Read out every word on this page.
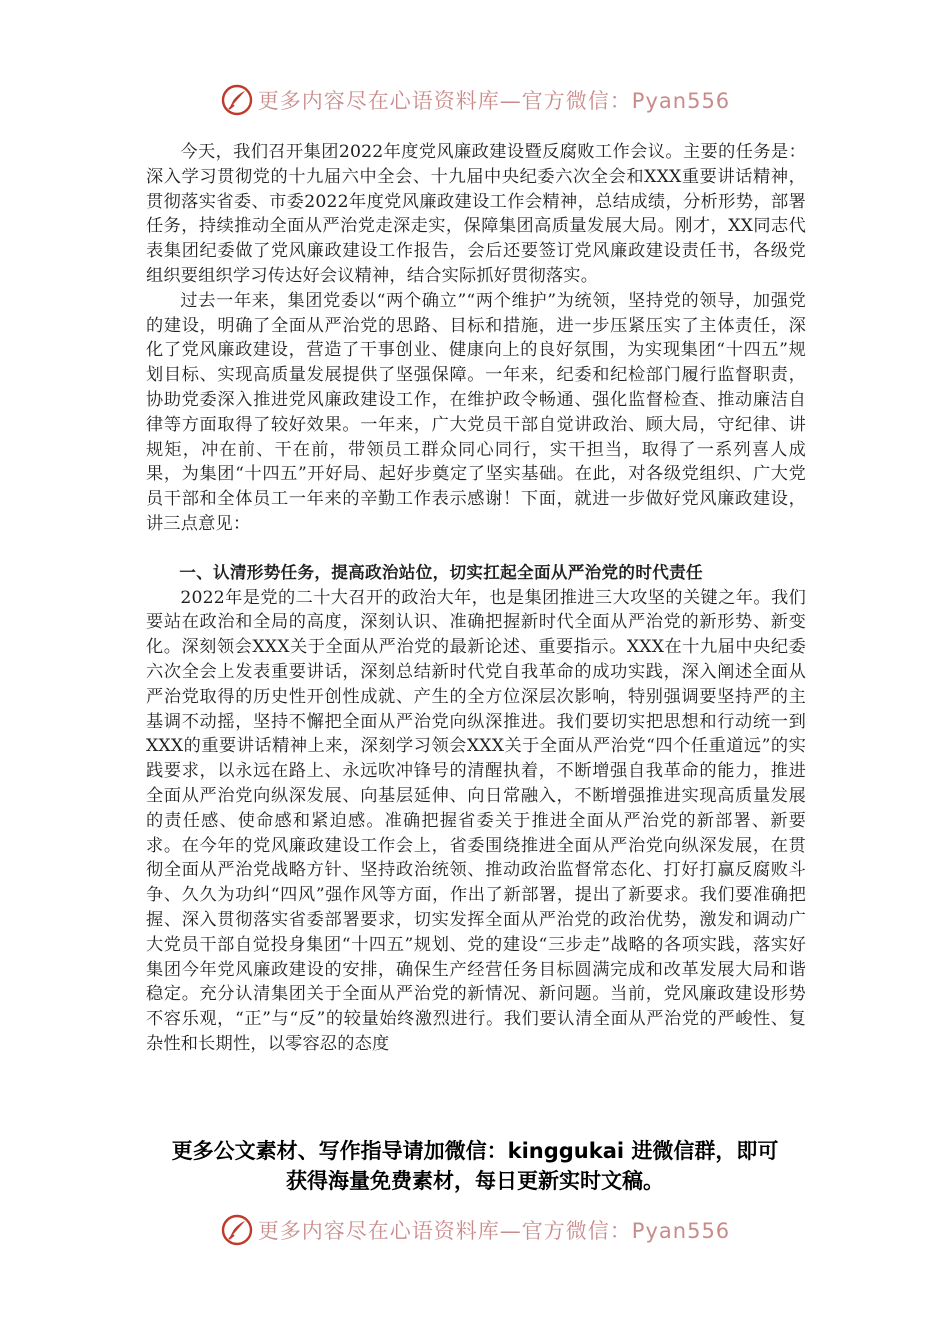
更多内容尽在心语资料库—官方微信：Pyan556

今天，我们召开集团2022年度党风廉政建设暨反腐败工作会议。主要的任务是：深入学习贯彻党的十九届六中全会、十九届中央纪委六次全会和XXX重要讲话精神，贯彻落实省委、市委2022年度党风廉政建设工作会精神，总结成绩，分析形势，部署任务，持续推动全面从严治党走深走实，保障集团高质量发展大局。刚才，XX同志代表集团纪委做了党风廉政建设工作报告，会后还要签订党风廉政建设责任书，各级党组织要组织学习传达好会议精神，结合实际抓好贯彻落实。

过去一年来，集团党委以“两个确立”“两个维护”为统领，坚持党的领导，加强党的建设，明确了全面从严治党的思路、目标和措施，进一步压紧压实了主体责任，深化了党风廉政建设，营造了干事创业、健康向上的良好氛围，为实现集团“十四五”规划目标、实现高质量发展提供了坚强保障。一年来，纪委和纪检部门履行监督职责，协助党委深入推进党风廉政建设工作，在维护政令畅通、强化监督检查、推动廉洁自律等方面取得了较好效果。一年来，广大党员干部自觉讲政治、顾大局，守纪律、讲规矩，冲在前、干在前，带领员工群众同心同行，实干担当，取得了一系列喜人成果，为集团“十四五”开好局、起好步奠定了坚实基础。在此，对各级党组织、广大党员干部和全体员工一年来的辛勤工作表示感谢！下面，就进一步做好党风廉政建设，讲三点意见：

一、认清形势任务，提高政治站位，切实扛起全面从严治党的时代责任

2022年是党的二十大召开的政治大年，也是集团推进三大攻坚的关键之年。我们要站在政治和全局的高度，深刻认识、准确把握新时代全面从严治党的新形势、新变化。深刻领会XXX关于全面从严治党的最新论述、重要指示。XXX在十九届中央纪委六次全会上发表重要讲话，深刻总结新时代党自我革命的成功实践，深入阐述全面从严治党取得的历史性开创性成就、产生的全方位深层次影响，特别强调要坚持严的主基调不动摇，坚持不懈把全面从严治党向纵深推进。我们要切实把思想和行动统一到XXX的重要讲话精神上来，深刻学习领会XXX关于全面从严治党“四个任重道远”的实践要求，以永远在路上、永远吹冲锋号的清醒执着，不断增强自我革命的能力，推进全面从严治党向纵深发展、向基层延伸、向日常融入，不断增强推进实现高质量发展的责任感、使命感和紧迫感。准确把握省委关于推进全面从严治党的新部署、新要求。在今年的党风廉政建设工作会上，省委围绕推进全面从严治党向纵深发展，在贯彻全面从严治党战略方针、坚持政治统领、推动政治监督常态化、打好打赢反腐败斗争、久久为功纠“四风”强作风等方面，作出了新部署，提出了新要求。我们要准确把握、深入贯彻落实省委部署要求，切实发挥全面从严治党的政治优势，激发和调动广大党员干部自觉投身集团“十四五”规划、党的建设“三步走”战略的各项实践，落实好集团今年党风廉政建设的安排，确保生产经营任务目标圆满完成和改革发展大局和谐稳定。充分认清集团关于全面从严治党的新情况、新问题。当前，党风廉政建设形势不容乐观，“正”与“反”的较量始终激烈进行。我们要认清全面从严治党的严峻性、复杂性和长期性，以零容忍的态度

更多公文素材、写作指导请加微信：kinggukai 进微信群，即可
获得海量免费素材，每日更新实时文稿。
更多内容尽在心语资料库—官方微信：Pyan556
